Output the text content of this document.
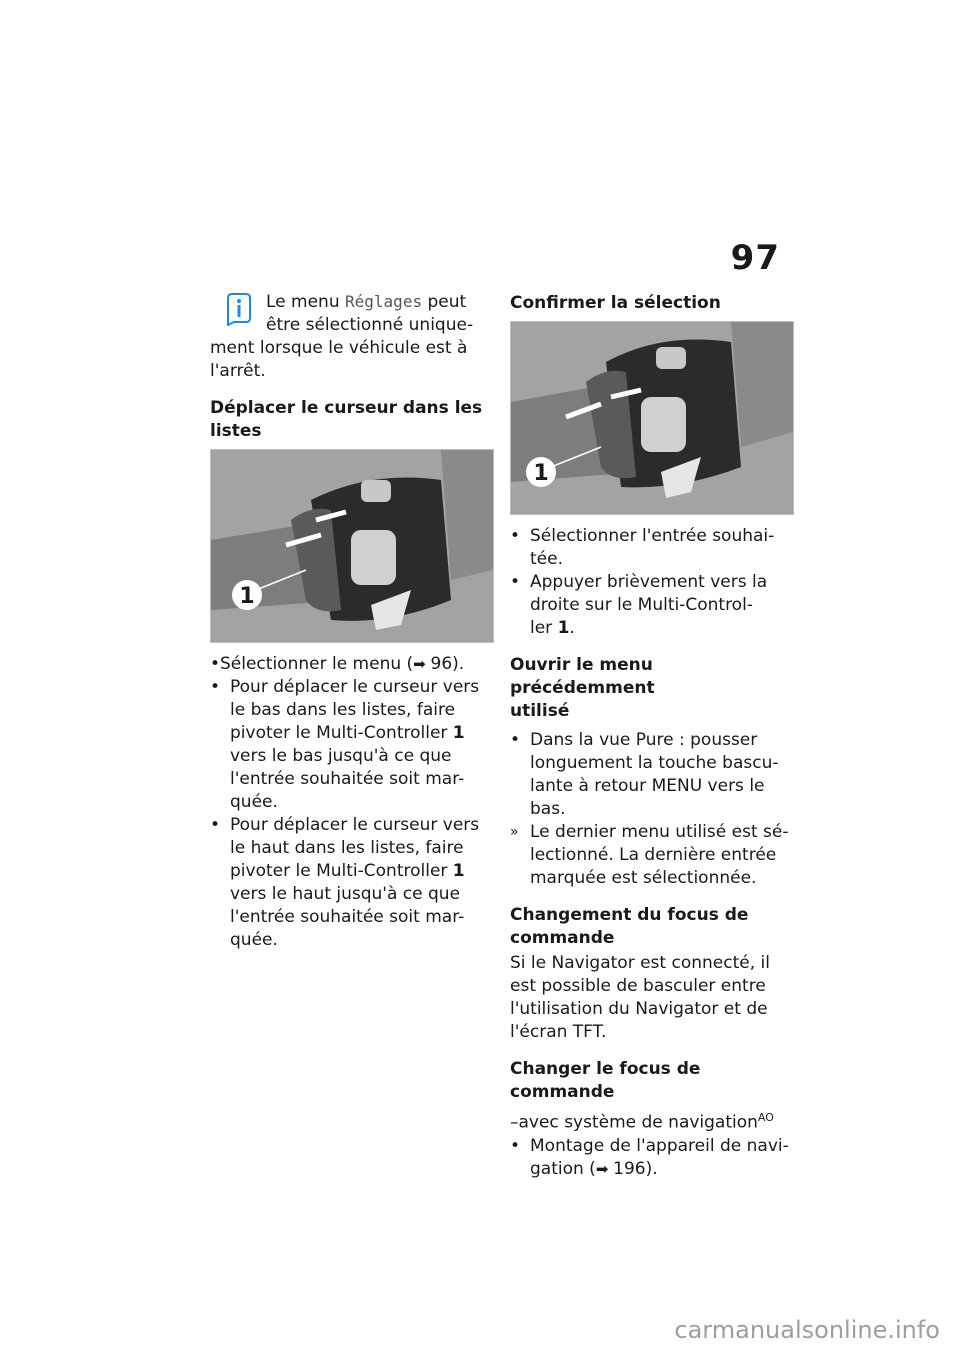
97

Le menu Réglages peut

être sélectionné unique-

ment lorsque le véhicule est à

l'arrêt.

Déplacer le curseur dans les
listes
1
• Sélectionner le menu (➡ 96).
• Pour déplacer le curseur vers
le bas dans les listes, faire
pivoter le Multi-Controller 1
vers le bas jusqu'à ce que
l'entrée souhaitée soit mar-
quée.
• Pour déplacer le curseur vers
le haut dans les listes, faire
pivoter le Multi-Controller 1
vers le haut jusqu'à ce que
l'entrée souhaitée soit mar-
quée.
Confirmer la sélection
1
• Sélectionner l'entrée souhai-
tée.
• Appuyer brièvement vers la
droite sur le Multi-Control-
ler 1.
Ouvrir le menu précédemment
utilisé
• Dans la vue Pure : pousser
longuement la touche bascu-
lante à retour MENU vers le
bas.
» Le dernier menu utilisé est sé-
lectionné. La dernière entrée
marquée est sélectionnée.
Changement du focus de
commande

Si le Navigator est connecté, il

est possible de basculer entre

l'utilisation du Navigator et de

l'écran TFT.

Changer le focus de
commande

–avec système de navigation$^{AO}$

• Montage de l'appareil de navi-
gation (➡ 196).
carmanualsonline.info
